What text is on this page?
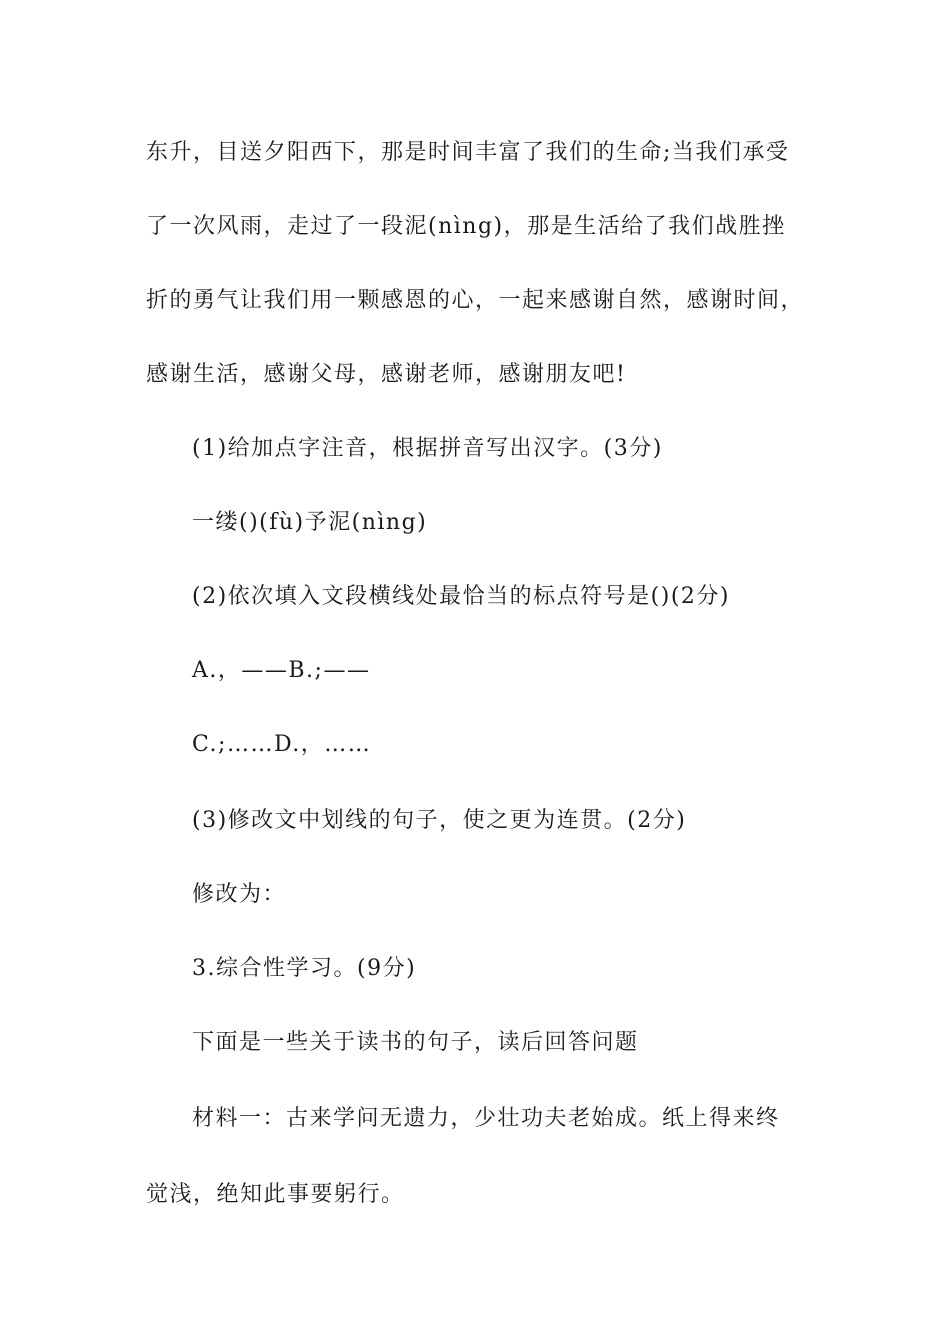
东升，目送夕阳西下，那是时间丰富了我们的生命;当我们承受
了一次风雨，走过了一段泥(nìng)，那是生活给了我们战胜挫
折的勇气让我们用一颗感恩的心，一起来感谢自然，感谢时间，
感谢生活，感谢父母，感谢老师，感谢朋友吧!
(1)给加点字注音，根据拼音写出汉字。(3分)
一缕()(fù)予泥(nìng)
(2)依次填入文段横线处最恰当的标点符号是()(2分)
A.，——B.;——
C.;……D.，……
(3)修改文中划线的句子，使之更为连贯。(2分)
修改为：
3.综合性学习。(9分)
下面是一些关于读书的句子，读后回答问题
材料一：古来学问无遗力，少壮功夫老始成。纸上得来终
觉浅，绝知此事要躬行。
